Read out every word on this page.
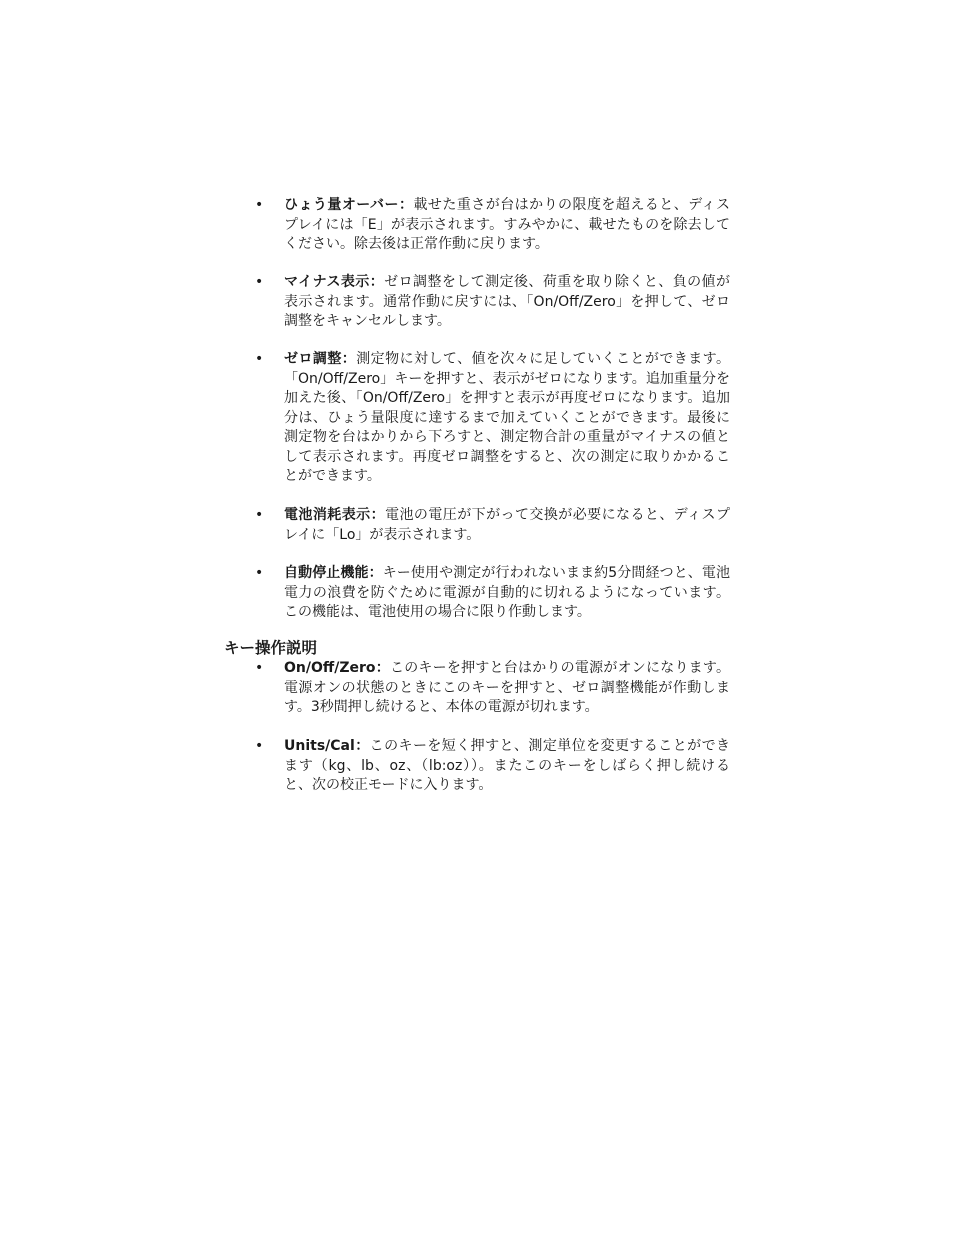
• ひょう量オーバー：載せた重さが台はかりの限度を超えると、ディスプレイには「E」が表示されます。すみやかに、載せたものを除去してください。除去後は正常作動に戻ります。
• マイナス表示：ゼロ調整をして測定後、荷重を取り除くと、負の値が表示されます。通常作動に戻すには、「On/Off/Zero」を押して、ゼロ調整をキャンセルします。
• ゼロ調整：測定物に対して、値を次々に足していくことができます。「On/Off/Zero」キーを押すと、表示がゼロになります。追加重量分を加えた後、「On/Off/Zero」を押すと表示が再度ゼロになります。追加分は、ひょう量限度に達するまで加えていくことができます。最後に測定物を台はかりから下ろすと、測定物合計の重量がマイナスの値として表示されます。再度ゼロ調整をすると、次の測定に取りかかることができます。
• 電池消耗表示：電池の電圧が下がって交換が必要になると、ディスプレイに「Lo」が表示されます。
• 自動停止機能：キー使用や測定が行われないまま約5分間経つと、電池電力の浪費を防ぐために電源が自動的に切れるようになっています。この機能は、電池使用の場合に限り作動します。
キー操作説明
• On/Off/Zero：このキーを押すと台はかりの電源がオンになります。電源オンの状態のときにこのキーを押すと、ゼロ調整機能が作動します。3秒間押し続けると、本体の電源が切れます。
• Units/Cal：このキーを短く押すと、測定単位を変更することができます（kg、lb、oz、（lb:oz））。またこのキーをしばらく押し続けると、次の校正モードに入ります。
